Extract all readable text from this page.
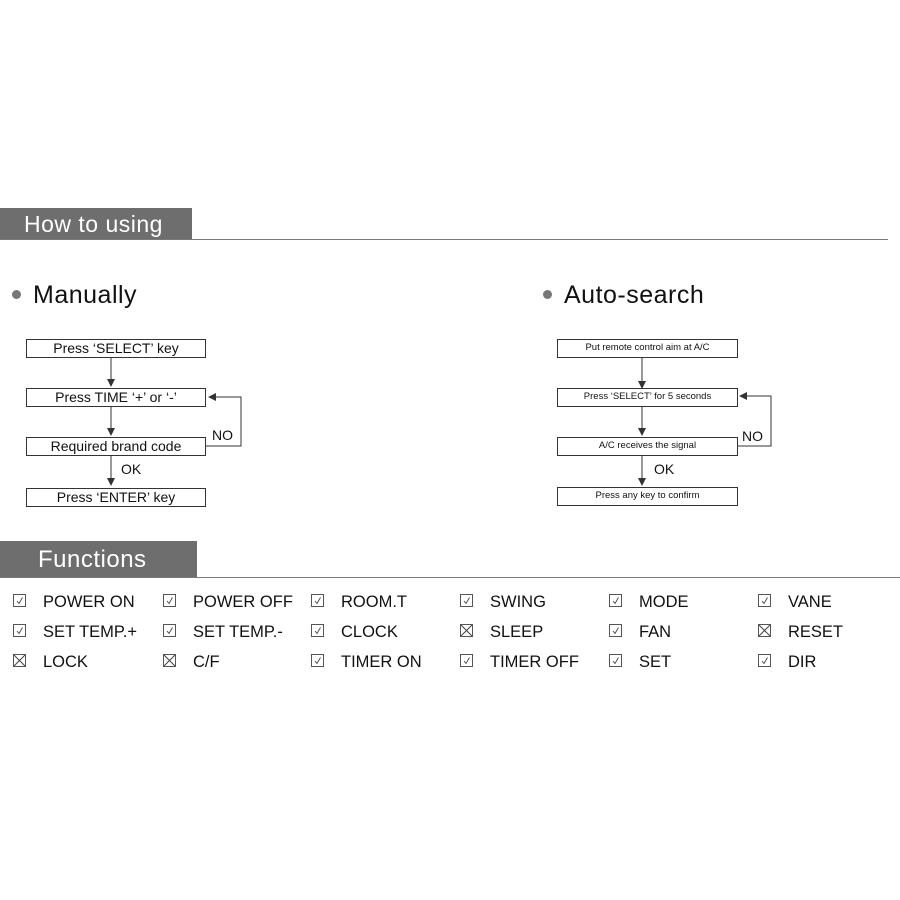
How to using
Manually	Auto-search
Press ‘SELECT’ key
Press TIME ‘+’ or ‘-’
Required brand code
Press ‘ENTER’ key
NO
OK
Put remote control aim at A/C
Press ‘SELECT’ for 5 seconds
A/C receives the signal
Press any key to confirm
NO
OK
Functions
POWER ON	POWER OFF	ROOM.T	SWING	MODE	VANE
SET TEMP.+	SET TEMP.-	CLOCK	SLEEP	FAN	RESET
LOCK	C/F	TIMER ON	TIMER OFF	SET	DIR
